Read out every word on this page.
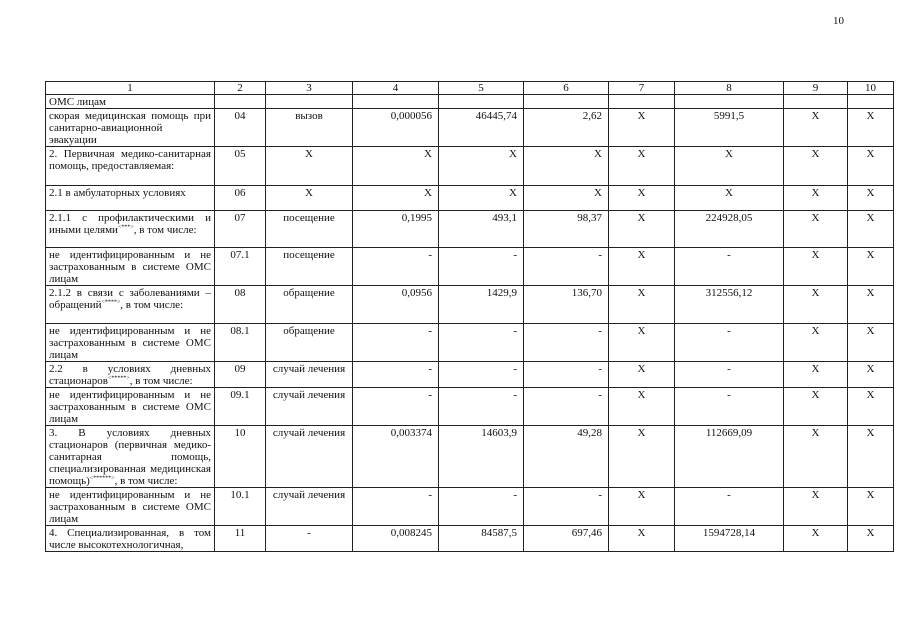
10
1	2	3	4	5	6	7	8	9	10
ОМС лицам									
скорая медицинская помощь при санитарно-авиационной эвакуации	04	вызов	0,000056	46445,74	2,62	X	5991,5	X	X
2. Первичная медико-санитарная помощь, предоставляемая:	05	X	X	X	X	X	X	X	X
2.1 в амбулаторных условиях	06	X	X	X	X	X	X	X	X
2.1.1 с профилактическими и иными целями<***>, в том числе:	07	посещение	0,1995	493,1	98,37	X	224928,05	X	X
не идентифицированным и не застрахованным в системе ОМС лицам	07.1	посещение	-	-	-	X	-	X	X
2.1.2 в связи с заболеваниями – обращений<****>, в том числе:	08	обращение	0,0956	1429,9	136,70	X	312556,12	X	X
не идентифицированным и не застрахованным в системе ОМС лицам	08.1	обращение	-	-	-	X	-	X	X
2.2 в условиях дневных стационаров<*****>, в том числе:	09	случай лечения	-	-	-	X	-	X	X
не идентифицированным и не застрахованным в системе ОМС лицам	09.1	случай лечения	-	-	-	X	-	X	X
3. В условиях дневных стационаров (первичная медико-санитарная помощь, специализированная медицинская помощь)<******>, в том числе:	10	случай лечения	0,003374	14603,9	49,28	X	112669,09	X	X
не идентифицированным и не застрахованным в системе ОМС лицам	10.1	случай лечения	-	-	-	X	-	X	X
4. Специализированная, в том числе высокотехнологичная,	11	-	0,008245	84587,5	697,46	X	1594728,14	X	X
